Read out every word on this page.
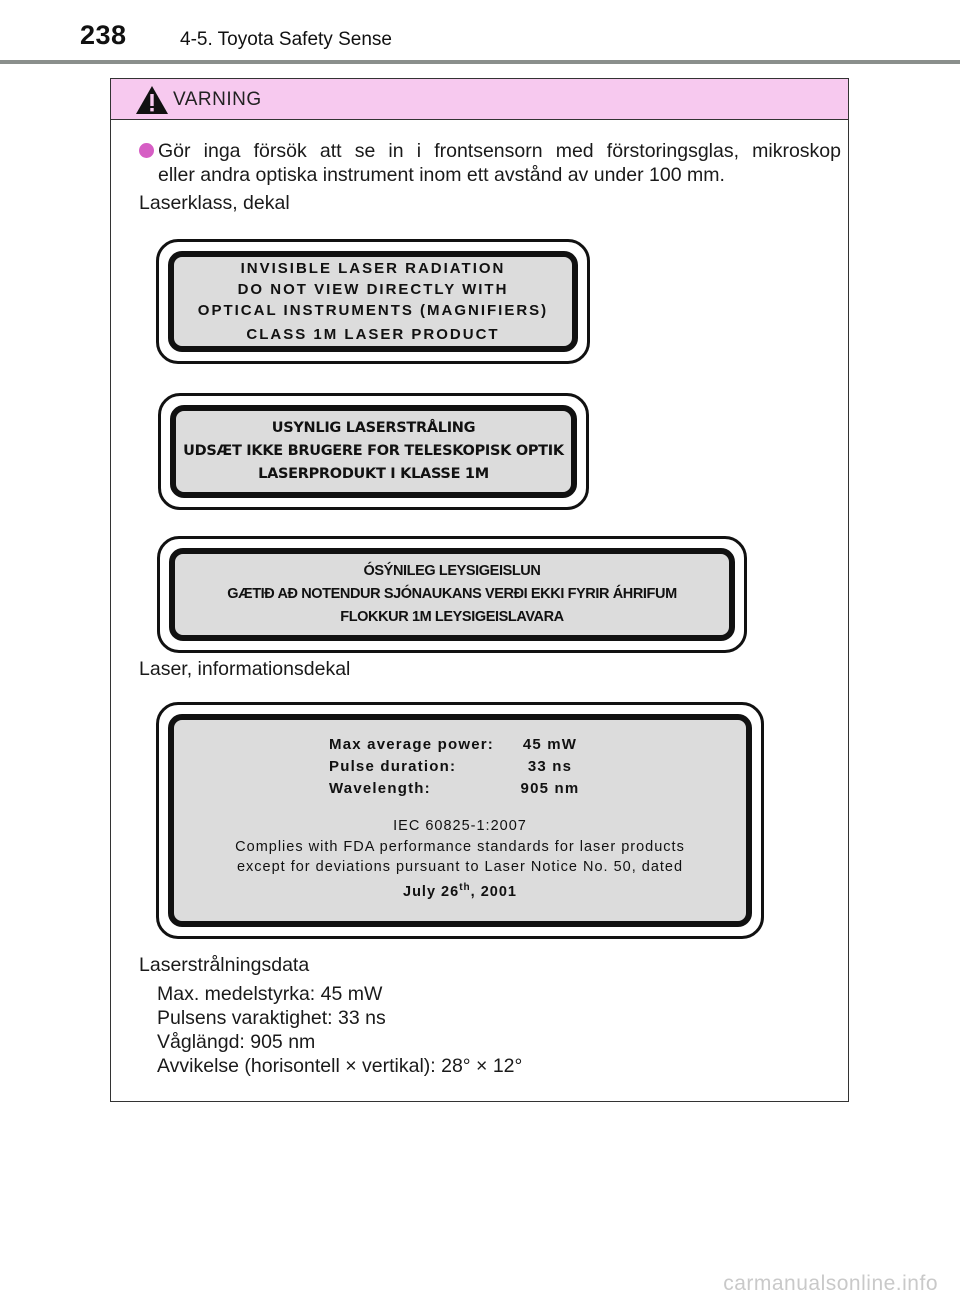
238	4-5. Toyota Safety Sense
VARNING
Gör inga försök att se in i frontsensorn med förstoringsglas, mikroskop
eller andra optiska instrument inom ett avstånd av under 100 mm.
Laserklass, dekal
INVISIBLE LASER RADIATION
DO NOT VIEW DIRECTLY WITH
OPTICAL INSTRUMENTS (MAGNIFIERS)
CLASS 1M LASER PRODUCT
USYNLIG LASERSTRÅLING
UDSÆT IKKE BRUGERE FOR TELESKOPISK OPTIK
LASERPRODUKT I KLASSE 1M
ÓSÝNILEG LEYSIGEISLUN
GÆTIÐ AÐ NOTENDUR SJÓNAUKANS VERÐI EKKI FYRIR ÁHRIFUM
FLOKKUR 1M LEYSIGEISLAVARA
Laser, informationsdekal
Max average power:	45 mW
Pulse duration:	33 ns
Wavelength:	905 nm
IEC 60825-1:2007
Complies with FDA performance standards for laser products
except for deviations pursuant to Laser Notice No. 50, dated
July 26th, 2001
Laserstrålningsdata
Max. medelstyrka: 45 mW
Pulsens varaktighet: 33 ns
Våglängd: 905 nm
Avvikelse (horisontell × vertikal): 28° × 12°
carmanualsonline.info
